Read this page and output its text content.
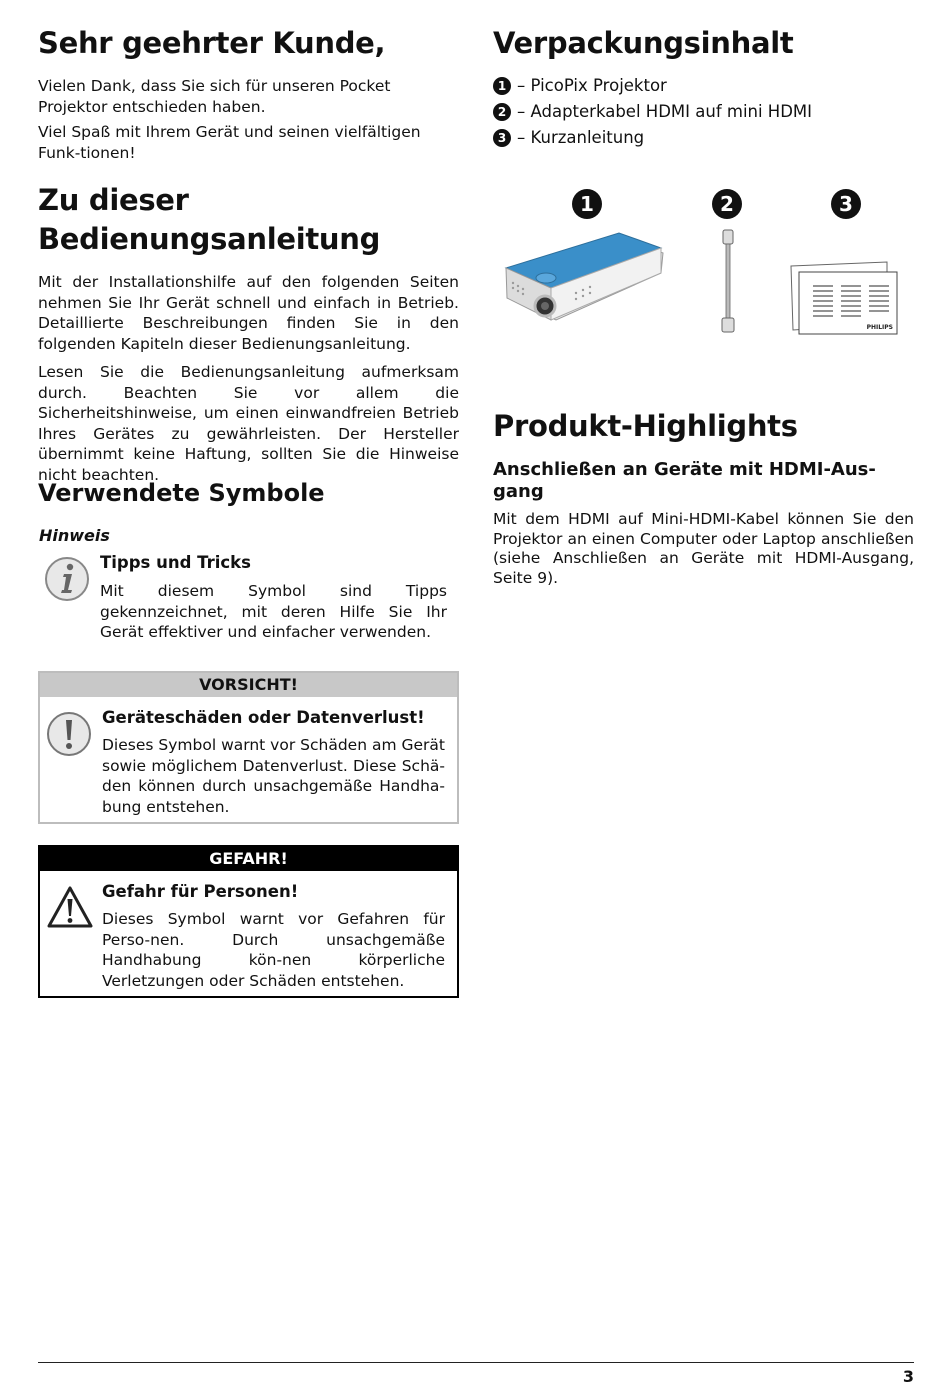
Sehr geehrter Kunde,

Vielen Dank, dass Sie sich für unseren Pocket Projektor entschieden haben.

Viel Spaß mit Ihrem Gerät und seinen vielfältigen Funk-tionen!

Zu dieser
Bedienungsanleitung

Mit der Installationshilfe auf den folgenden Seiten nehmen Sie Ihr Gerät schnell und einfach in Betrieb. Detaillierte Beschreibungen finden Sie in den folgenden Kapiteln dieser Bedienungsanleitung.

Lesen Sie die Bedienungsanleitung aufmerksam durch. Beachten Sie vor allem die Sicherheitshinweise, um einen einwandfreien Betrieb Ihres Gerätes zu gewährleisten. Der Hersteller übernimmt keine Haftung, sollten Sie die Hinweise nicht beachten.

Verwendete Symbole
Hinweis
Tipps und Tricks

Mit diesem Symbol sind Tipps gekennzeichnet, mit deren Hilfe Sie Ihr Gerät effektiver und einfacher verwenden.

VORSICHT!
Geräteschäden oder Datenverlust!

Dieses Symbol warnt vor Schäden am Gerät sowie möglichem Datenverlust. Diese Schä-den können durch unsachgemäße Handha-bung entstehen.

GEFAHR!
Gefahr für Personen!

Dieses Symbol warnt vor Gefahren für Perso-nen. Durch unsachgemäße Handhabung kön-nen körperliche Verletzungen oder Schäden entstehen.

Verpackungsinhalt
1 – PicoPix Projektor
2 – Adapterkabel HDMI auf mini HDMI
3 – Kurzanleitung
1	2	3
PHILIPS
Produkt-Highlights
Anschließen an Geräte mit HDMI-Aus-
gang

Mit dem HDMI auf Mini-HDMI-Kabel können Sie den Projektor an einen Computer oder Laptop anschließen (siehe Anschließen an Geräte mit HDMI-Ausgang, Seite 9).

3
